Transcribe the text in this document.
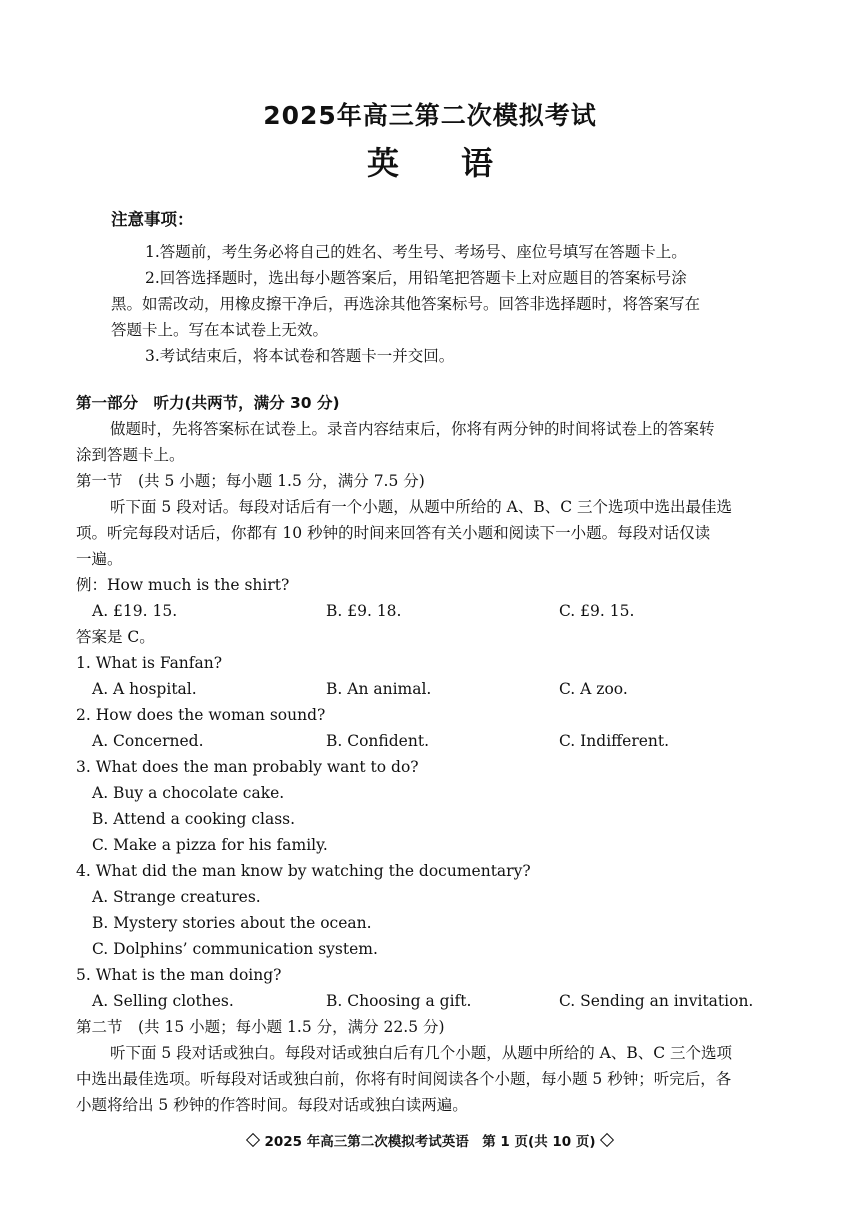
2025年高三第二次模拟考试
英语
注意事项：
1.答题前，考生务必将自己的姓名、考生号、考场号、座位号填写在答题卡上。
2.回答选择题时，选出每小题答案后，用铅笔把答题卡上对应题目的答案标号涂
黑。如需改动，用橡皮擦干净后，再选涂其他答案标号。回答非选择题时，将答案写在
答题卡上。写在本试卷上无效。
3.考试结束后，将本试卷和答题卡一并交回。
第一部分　听力(共两节，满分 30 分)
做题时，先将答案标在试卷上。录音内容结束后，你将有两分钟的时间将试卷上的答案转
涂到答题卡上。
第一节　(共 5 小题；每小题 1.5 分，满分 7.5 分)
听下面 5 段对话。每段对话后有一个小题，从题中所给的 A、B、C 三个选项中选出最佳选
项。听完每段对话后，你都有 10 秒钟的时间来回答有关小题和阅读下一小题。每段对话仅读
一遍。
例：How much is the shirt?
A. £19. 15.	B. £9. 18.	C. £9. 15.
答案是 C。
1. What is Fanfan?
A. A hospital.	B. An animal.	C. A zoo.
2. How does the woman sound?
A. Concerned.	B. Confident.	C. Indifferent.
3. What does the man probably want to do?
A. Buy a chocolate cake.
B. Attend a cooking class.
C. Make a pizza for his family.
4. What did the man know by watching the documentary?
A. Strange creatures.
B. Mystery stories about the ocean.
C. Dolphins’ communication system.
5. What is the man doing?
A. Selling clothes.	B. Choosing a gift.	C. Sending an invitation.
第二节　(共 15 小题；每小题 1.5 分，满分 22.5 分)
听下面 5 段对话或独白。每段对话或独白后有几个小题，从题中所给的 A、B、C 三个选项
中选出最佳选项。听每段对话或独白前，你将有时间阅读各个小题，每小题 5 秒钟；听完后，各
小题将给出 5 秒钟的作答时间。每段对话或独白读两遍。
2025 年高三第二次模拟考试英语　第 1 页(共 10 页)
